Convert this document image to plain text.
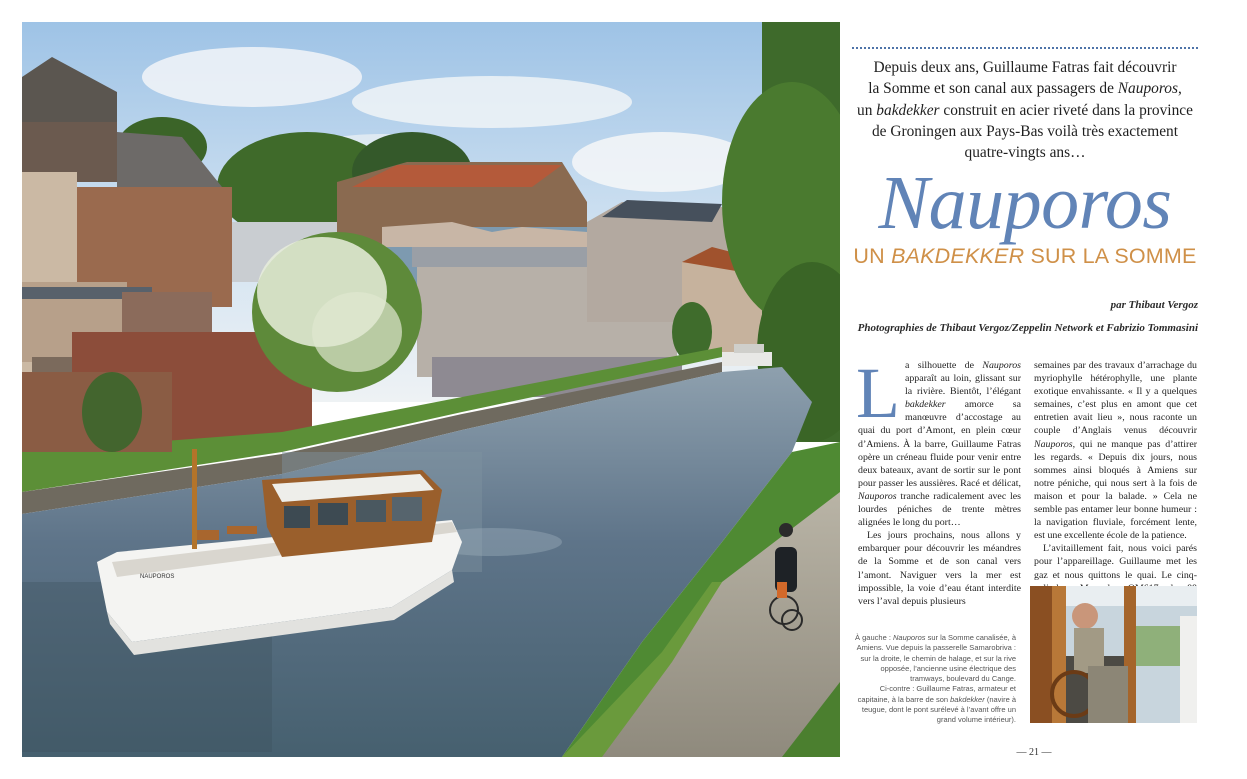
NAUPOROS
Depuis deux ans, Guillaume Fatras fait découvrir
la Somme et son canal aux passagers de Nauporos,
un bakdekker construit en acier riveté dans la province
de Groningen aux Pays-Bas voilà très exactement
quatre-vingts ans…
Nauporos
UN BAKDEKKER SUR LA SOMME
par Thibaut Vergoz
Photographies de Thibaut Vergoz/Zeppelin Network et Fabrizio Tommasini

La silhouette de Nauporos apparaît au loin, glissant sur la rivière. Bientôt, l’élégant bakdekker amorce sa manœuvre d’accostage au quai du port d’Amont, en plein cœur d’Amiens. À la barre, Guillaume Fatras opère un créneau fluide pour venir entre deux bateaux, avant de sortir sur le pont pour passer les aussières. Racé et délicat, Nauporos tranche radicalement avec les lourdes péniches de trente mètres alignées le long du port…

Les jours prochains, nous allons y embarquer pour découvrir les méandres de la Somme et de son canal vers l’amont. Naviguer vers la mer est impossible, la voie d’eau étant interdite vers l’aval depuis plusieurs

semaines par des travaux d’arrachage du myriophylle hétérophylle, une plante exotique envahissante. « Il y a quelques semaines, c’est plus en amont que cet entretien avait lieu », nous raconte un couple d’Anglais venus découvrir Nauporos, qui ne manque pas d’attirer les regards. « Depuis dix jours, nous sommes ainsi bloqués à Amiens sur notre péniche, qui nous sert à la fois de maison et pour la balade. » Cela ne semble pas entamer leur bonne humeur : la navigation fluviale, forcément lente, est une excellente école de la patience.

L’avitaillement fait, nous voici parés pour l’appareillage. Guillaume met les gaz et nous quittons le quai. Le cinq-

À gauche : Nauporos sur la Somme canalisée, à Amiens. Vue depuis la passerelle Samarobriva : sur la droite, le chemin de halage, et sur la rive opposée, l’ancienne usine électrique des tramways, boulevard du Cange.
Ci-contre : Guillaume Fatras, armateur et capitaine, à la barre de son bakdekker (navire à teugue, dont le pont surélevé à l’avant offre un grand volume intérieur).
— 21 —
